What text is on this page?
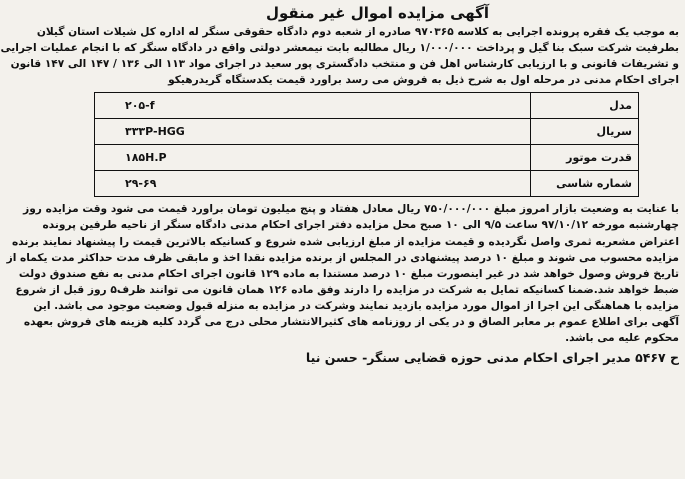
آگهی مزایده اموال غیر منقول
به موجب یک فقره پرونده اجرایی به کلاسه ۹۷۰۳۶۵ صادره از شعبه دوم دادگاه حقوقی سنگر له اداره کل شیلات استان گیلان
بطرفیت شرکت سبک بنا گیل و پرداخت ۱/۰۰۰/۰۰۰ ریال مطالبه بابت نیمعشر دولتی واقع در دادگاه سنگر که با انجام عملیات اجرایی
و تشریفات قانونی و با ارزیابی کارشناس اهل فن و منتخب دادگستری پور سعید در اجرای مواد ۱۱۳ الی ۱۳۶ / ۱۴۷ الی ۱۴۷ قانون
اجرای احکام مدنی در مرحله اول به شرح ذیل به فروش می رسد براورد قیمت یکدستگاه گریدرهیکو
مدل	۲۰۵-f
سریال	۳۳۳P-HGG
قدرت موتور	۱۸۵H.P
شماره شاسی	۲۹-۶۹
با عنایت به وضعیت بازار امروز مبلغ ۷۵۰/۰۰۰/۰۰۰ ریال معادل هفتاد و پنج میلیون تومان براورد قیمت می شود وقت مزایده روز
چهارشنبه مورخه ۹۷/۱۰/۱۲ ساعت ۹/۵ الی ۱۰ صبح محل مزایده دفتر اجرای احکام مدنی دادگاه سنگر از ناحیه طرفین پرونده
اعتراض مشعربه ثمری واصل نگردیده و قیمت مزایده از مبلغ ارزیابی شده شروع و کسانیکه بالاترین قیمت را پیشنهاد نمایند برنده
مزایده محسوب می شوند و مبلغ ۱۰ درصد پیشنهادی در المجلس از برنده مزایده نقدا اخذ و مابقی ظرف مدت حداکثر مدت یکماه از
تاریخ فروش وصول خواهد شد در غیر اینصورت مبلغ ۱۰ درصد مستندا به ماده ۱۲۹ قانون اجرای احکام مدنی به نفع صندوق دولت
ضبط خواهد شد.ضمنا کسانیکه تمایل به شرکت در مزایده را دارند وفق ماده ۱۲۶ همان قانون می توانند ظرف۵ روز قبل از شروع
مزایده با هماهنگی این اجرا از اموال مورد مزایده بازدید نمایند وشرکت در مزایده به منزله قبول وضعیت موجود می باشد. این
آگهی برای اطلاع عموم بر معابر الصاق و در یکی از روزنامه های کثیرالانتشار محلی درج می گردد کلیه هزینه های فروش بعهده
محکوم علیه می باشد.
ح ۵۴۶۷ مدیر اجرای احکام مدنی حوزه قضایی سنگر- حسن نیا
